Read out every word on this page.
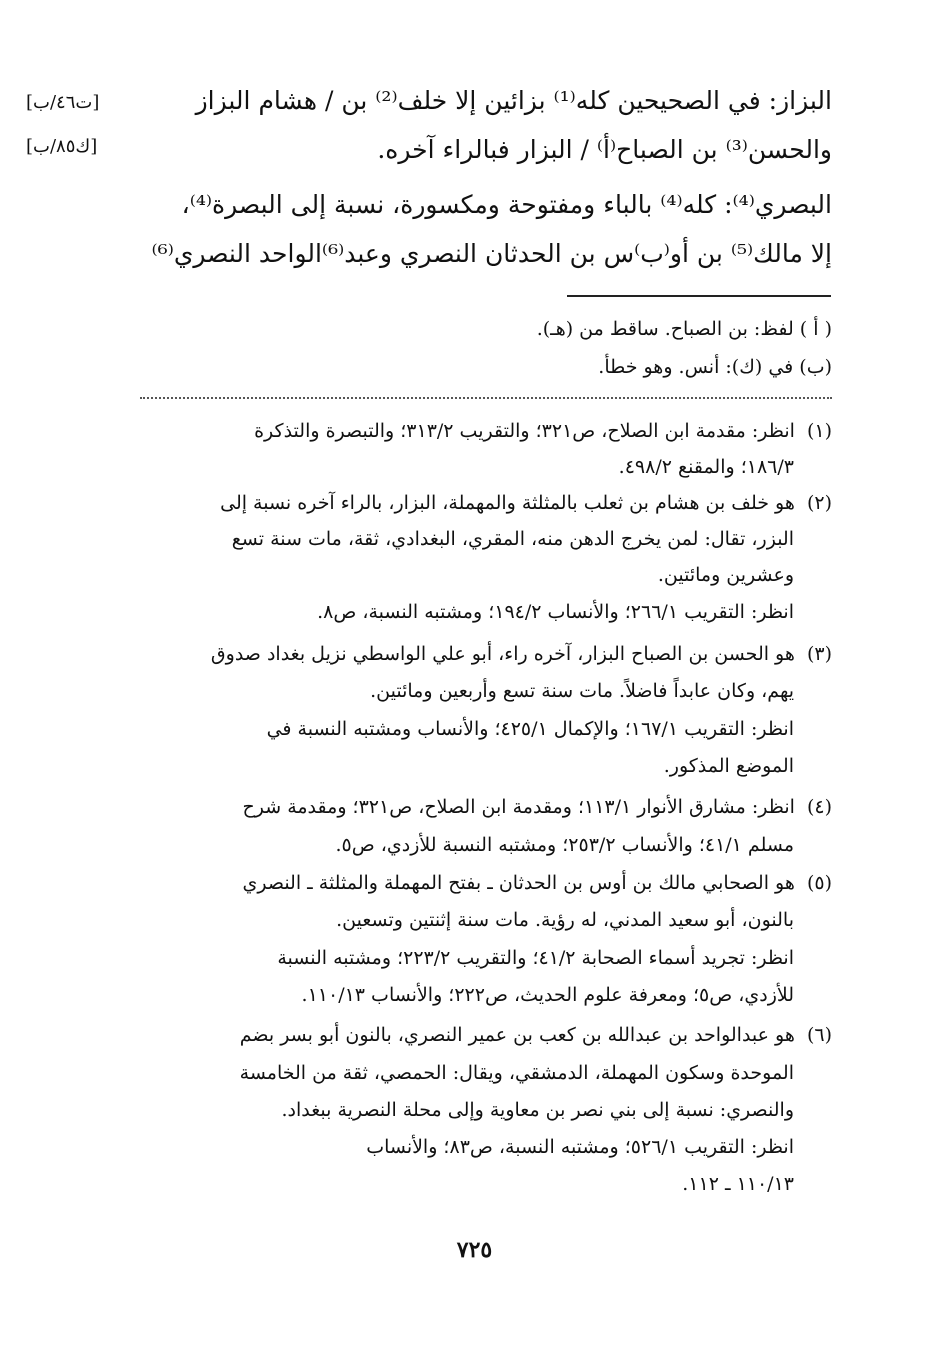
[ت٤٦/ب]
[ك٨٥/ب]
البزاز: في الصحيحين كله⁽¹⁾ بزائين إلا خلف⁽²⁾ بن / هشام البزاز
والحسن⁽³⁾ بن الصباح⁽أ⁾ / البزار فبالراء آخره.
البصري⁽⁴⁾: كله⁽⁴⁾ بالباء ومفتوحة ومكسورة، نسبة إلى البصرة⁽⁴⁾،
إلا مالك⁽⁵⁾ بن أو⁽ب⁾س بن الحدثان النصري وعبد⁽⁶⁾الواحد النصري⁽⁶⁾
( أ ) لفظ: بن الصباح. ساقط من (هـ).
(ب) في (ك): أنس. وهو خطأ.
(١) انظر: مقدمة ابن الصلاح، ص٣٢١؛ والتقريب ٣١٣/٢؛ والتبصرة والتذكرة
١٨٦/٣؛ والمقنع ٤٩٨/٢.
(٢) هو خلف بن هشام بن ثعلب بالمثلثة والمهملة، البزار، بالراء آخره نسبة إلى
البزر، تقال: لمن يخرج الدهن منه، المقري، البغدادي، ثقة، مات سنة تسع
وعشرين ومائتين.
انظر: التقريب ٢٦٦/١؛ والأنساب ١٩٤/٢؛ ومشتبه النسبة، ص٨.
(٣) هو الحسن بن الصباح البزار، آخره راء، أبو علي الواسطي نزيل بغداد صدوق
يهم، وكان عابداً فاضلاً. مات سنة تسع وأربعين ومائتين.
انظر: التقريب ١٦٧/١؛ والإكمال ٤٢٥/١؛ والأنساب ومشتبه النسبة في
الموضع المذكور.
(٤) انظر: مشارق الأنوار ١١٣/١؛ ومقدمة ابن الصلاح، ص٣٢١؛ ومقدمة شرح
مسلم ٤١/١؛ والأنساب ٢٥٣/٢؛ ومشتبه النسبة للأزدي، ص٥.
(٥) هو الصحابي مالك بن أوس بن الحدثان ـ بفتح المهملة والمثلثة ـ النصري
بالنون، أبو سعيد المدني، له رؤية. مات سنة إثنتين وتسعين.
انظر: تجريد أسماء الصحابة ٤١/٢؛ والتقريب ٢٢٣/٢؛ ومشتبه النسبة
للأزدي، ص٥؛ ومعرفة علوم الحديث، ص٢٢٢؛ والأنساب ١١٠/١٣.
(٦) هو عبدالواحد بن عبدالله بن كعب بن عمير النصري، بالنون أبو بسر بضم
الموحدة وسكون المهملة، الدمشقي، ويقال: الحمصي، ثقة من الخامسة
والنصري: نسبة إلى بني نصر بن معاوية وإلى محلة النصرية ببغداد.
انظر: التقريب ٥٢٦/١؛ ومشتبه النسبة، ص٨٣؛ والأنساب
١١٠/١٣ ـ ١١٢.
٧٢٥
